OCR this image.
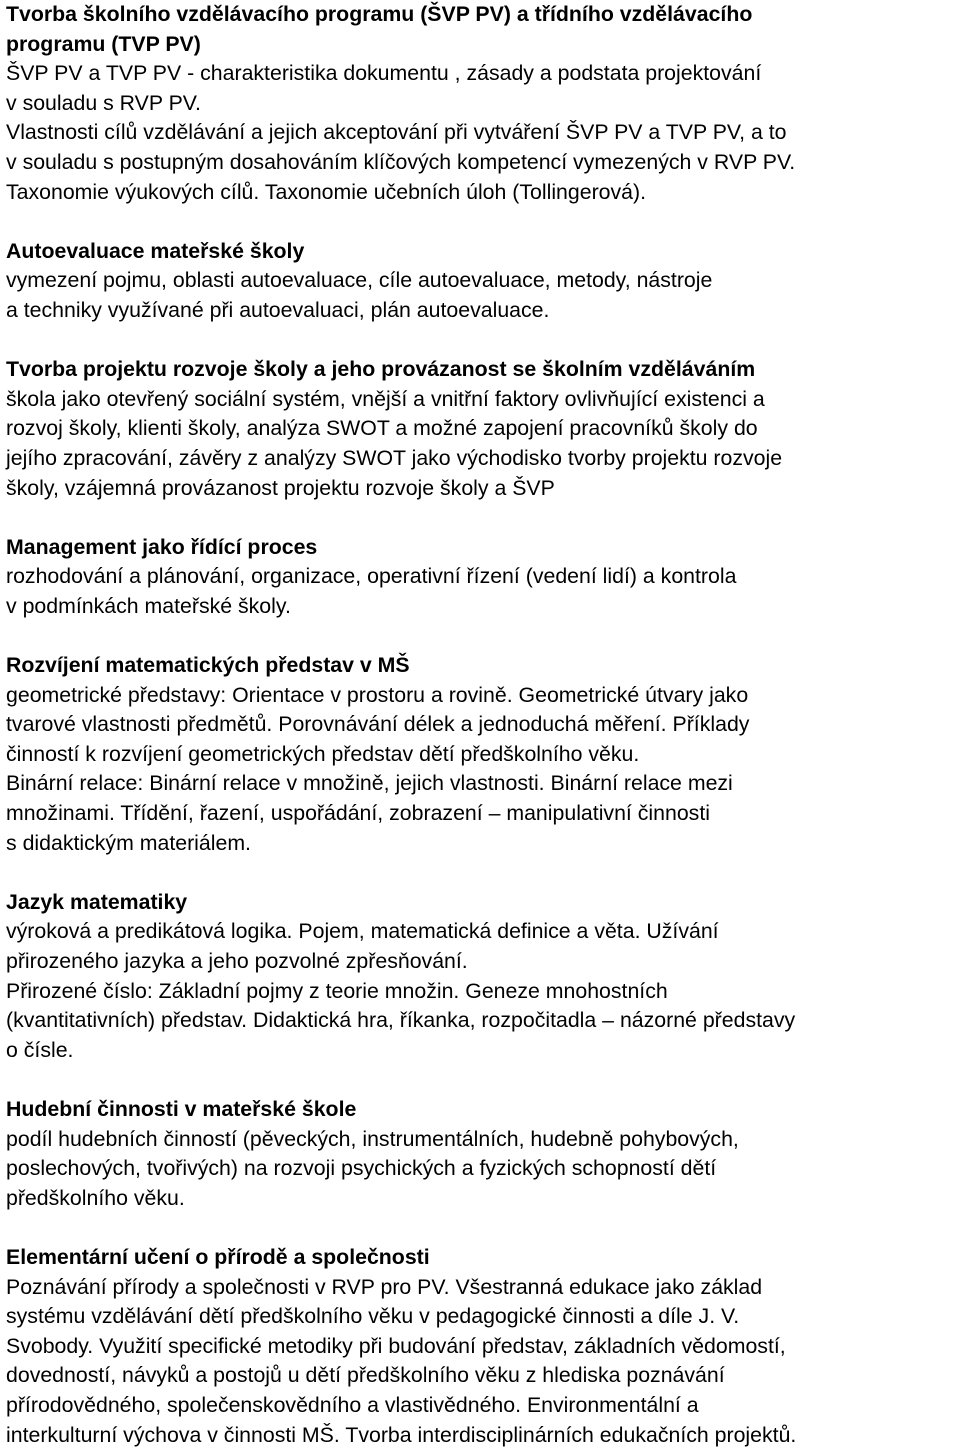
Tvorba školního vzdělávacího programu (ŠVP PV) a třídního vzdělávacího
programu (TVP PV)
ŠVP PV a TVP PV - charakteristika dokumentu , zásady a podstata projektování
v souladu s RVP PV.
Vlastnosti cílů vzdělávání a jejich akceptování při vytváření ŠVP PV a TVP PV, a to
v souladu s postupným dosahováním klíčových kompetencí vymezených v RVP PV.
Taxonomie výukových cílů. Taxonomie učebních úloh (Tollingerová).
Autoevaluace mateřské školy
vymezení pojmu, oblasti autoevaluace, cíle autoevaluace, metody, nástroje
a techniky využívané při autoevaluaci, plán autoevaluace.
Tvorba projektu rozvoje školy a jeho provázanost se školním vzděláváním
škola jako otevřený sociální systém, vnější a vnitřní faktory ovlivňující existenci a
rozvoj školy, klienti školy, analýza SWOT a možné zapojení pracovníků školy do
jejího zpracování, závěry z analýzy SWOT jako východisko tvorby projektu rozvoje
školy, vzájemná provázanost projektu rozvoje školy a ŠVP
Management jako řídící proces
rozhodování a plánování, organizace, operativní řízení (vedení lidí) a kontrola
v podmínkách mateřské školy.
Rozvíjení matematických představ v MŠ
geometrické představy: Orientace v prostoru a rovině. Geometrické útvary jako
tvarové vlastnosti předmětů. Porovnávání délek a jednoduchá měření. Příklady
činností k rozvíjení geometrických představ dětí předškolního věku.
Binární relace: Binární relace v množině, jejich vlastnosti. Binární relace mezi
množinami. Třídění, řazení, uspořádání, zobrazení – manipulativní činnosti
s didaktickým materiálem.
Jazyk matematiky
výroková a predikátová logika. Pojem, matematická definice a věta. Užívání
přirozeného jazyka a jeho pozvolné zpřesňování.
Přirozené číslo: Základní pojmy z teorie množin. Geneze mnohostních
(kvantitativních) představ. Didaktická hra, říkanka, rozpočitadla – názorné představy
o čísle.
Hudební činnosti v mateřské škole
podíl hudebních činností (pěveckých, instrumentálních, hudebně pohybových,
poslechových, tvořivých) na rozvoji psychických a fyzických schopností dětí
předškolního věku.
Elementární učení o přírodě a společnosti
Poznávání přírody a společnosti v RVP pro PV. Všestranná edukace jako základ
systému vzdělávání dětí předškolního věku v pedagogické činnosti a díle J. V.
Svobody. Využití specifické metodiky při budování představ, základních vědomostí,
dovedností, návyků a postojů u dětí předškolního věku z hlediska poznávání
přírodovědného, společenskovědního a vlastivědného. Environmentální a
interkulturní výchova v činnosti MŠ. Tvorba interdisciplinárních edukačních projektů.
